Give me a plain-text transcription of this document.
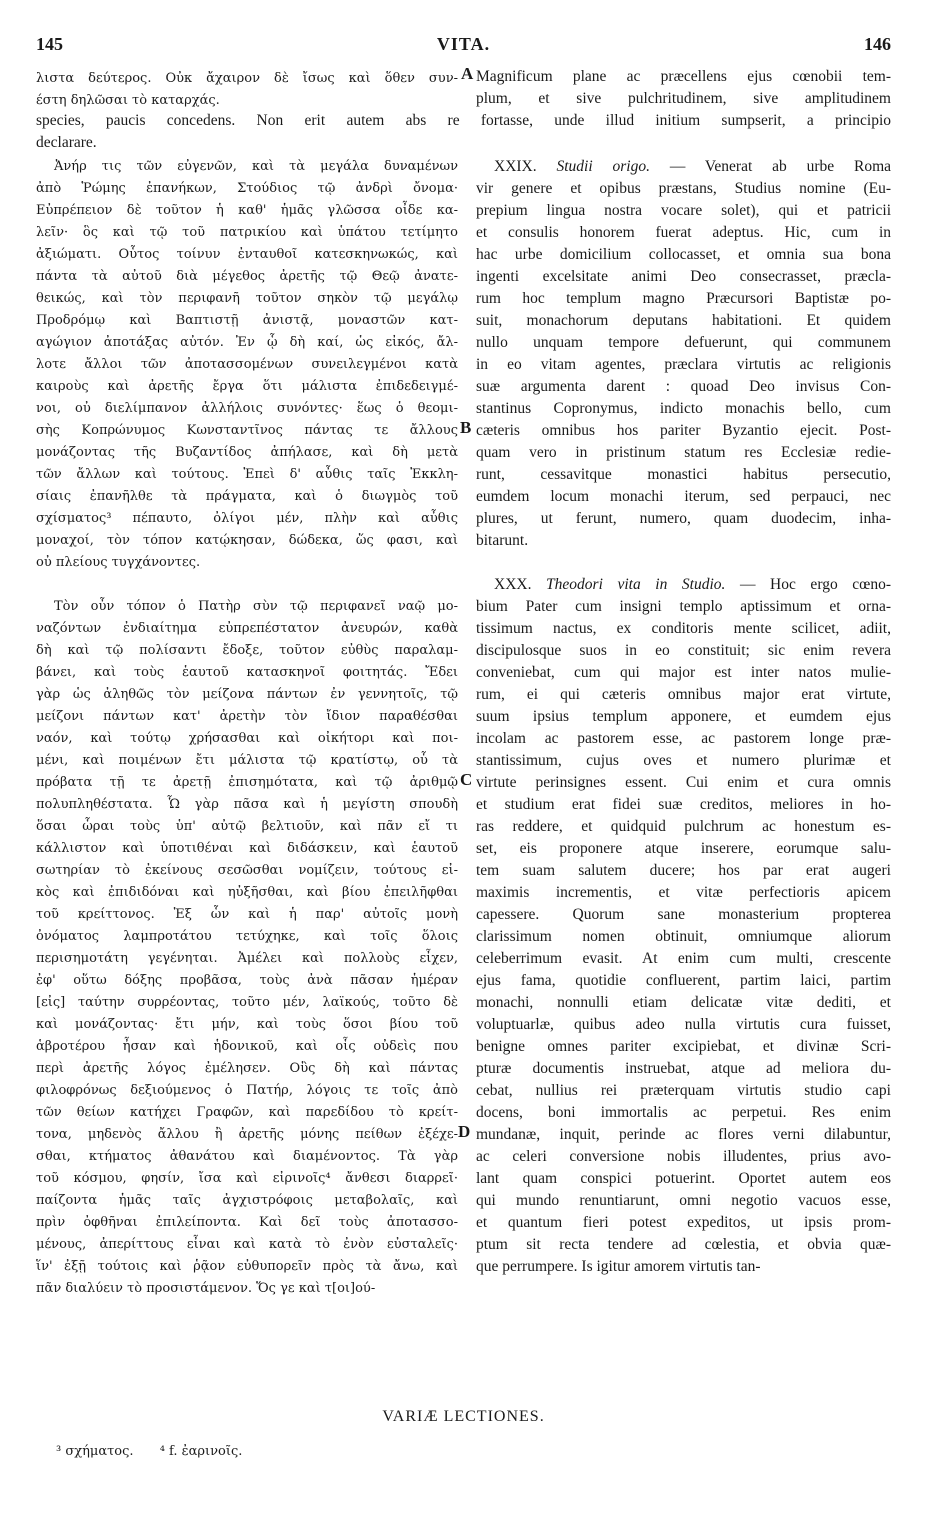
145	VITA.	146
λιστα δεύτερος. Οὐκ ἄχαιρον δὲ ἴσως καὶ ὅθεν συν-
έστη δηλῶσαι τὸ καταρχάς.
Magnificum plane ac præcellens ejus cœnobii tem-
plum, et sive pulchritudinem, sive amplitudinem
species, paucis concedens. Non erit autem abs re fortasse, unde illud initium sumpserit, a principio
declarare.
Ἀνήρ τις τῶν εὐγενῶν, καὶ τὰ μεγάλα δυναμένων
ἀπὸ Ῥώμης ἐπανήκων, Στούδιος τῷ ἀνδρὶ ὄνομα·
Εὐπρέπειον δὲ τοῦτον ἡ καθ' ἡμᾶς γλῶσσα οἶδε κα-
λεῖν· ὃς καὶ τῷ τοῦ πατρικίου καὶ ὑπάτου τετίμητο
ἀξιώματι. Οὗτος τοίνυν ἐνταυθοῖ κατεσκηνωκώς, καὶ
πάντα τὰ αὐτοῦ διὰ μέγεθος ἀρετῆς τῷ Θεῷ ἀνατε-
θεικώς, καὶ τὸν περιφανῆ τοῦτον σηκὸν τῷ μεγάλῳ
Προδρόμῳ καὶ Βαπτιστῇ ἀνιστᾷ, μοναστῶν κατ-
αγώγιον ἀποτάξας αὐτόν. Ἐν ᾧ δὴ καί, ὡς εἰκός, ἄλ-
λοτε ἄλλοι τῶν ἀποτασσομένων συνειλεγμένοι κατὰ
καιροὺς καὶ ἀρετῆς ἔργα ὅτι μάλιστα ἐπιδεδειγμέ-
νοι, οὐ διελίμπανον ἀλλήλοις συνόντες· ἕως ὁ θεομι-
σὴς Κοπρώνυμος Κωνσταντῖνος πάντας τε ἄλλους
μονάζοντας τῆς Βυζαντίδος ἀπήλασε, καὶ δὴ μετὰ
τῶν ἄλλων καὶ τούτους. Ἐπεὶ δ' αὖθις ταῖς Ἐκκλη-
σίαις ἐπανῆλθε τὰ πράγματα, καὶ ὁ διωγμὸς τοῦ
σχίσματος³ πέπαυτο, ὀλίγοι μέν, πλὴν καὶ αὖθις
μοναχοί, τὸν τόπον κατῴκησαν, δώδεκα, ὥς φασι, καὶ
οὐ πλείους τυγχάνοντες.
Τὸν οὖν τόπον ὁ Πατὴρ σὺν τῷ περιφανεῖ ναῷ μο-
ναζόντων ἐνδιαίτημα εὐπρεπέστατον ἀνευρών, καθὰ
δὴ καὶ τῷ πολίσαντι ἔδοξε, τοῦτον εὐθὺς παραλαμ-
βάνει, καὶ τοὺς ἑαυτοῦ κατασκηνοῖ φοιτητάς. Ἔδει
γὰρ ὡς ἀληθῶς τὸν μείζονα πάντων ἐν γεννητοῖς, τῷ
μείζονι πάντων κατ' ἀρετὴν τὸν ἴδιον παραθέσθαι
ναόν, καὶ τούτῳ χρήσασθαι καὶ οἰκήτορι καὶ ποι-
μένι, καὶ ποιμένων ἔτι μάλιστα τῷ κρατίστῳ, οὗ τὰ
πρόβατα τῇ τε ἀρετῇ ἐπισημότατα, καὶ τῷ ἀριθμῷ
πολυπληθέστατα. Ὧ γὰρ πᾶσα καὶ ἡ μεγίστη σπουδὴ
ὅσαι ὧραι τοὺς ὑπ' αὐτῷ βελτιοῦν, καὶ πᾶν εἴ τι
κάλλιστον καὶ ὑποτιθέναι καὶ διδάσκειν, καὶ ἑαυτοῦ
σωτηρίαν τὸ ἐκείνους σεσῶσθαι νομίζειν, τούτους εἰ-
κὸς καὶ ἐπιδιδόναι καὶ ηὐξῆσθαι, καὶ βίου ἐπειλῆφθαι
τοῦ κρείττονος. Ἐξ ὧν καὶ ἡ παρ' αὐτοῖς μονὴ
ὀνόματος λαμπροτάτου τετύχηκε, καὶ τοῖς ὅλοις
περισημοτάτη γεγένηται. Ἀμέλει καὶ πολλοὺς εἶχεν,
ἐφ' οὕτω δόξης προβᾶσα, τοὺς ἀνὰ πᾶσαν ἡμέραν
[εἰς] ταύτην συρρέοντας, τοῦτο μέν, λαϊκούς, τοῦτο δὲ
καὶ μονάζοντας· ἔτι μήν, καὶ τοὺς ὅσοι βίου τοῦ
ἁβροτέρου ἦσαν καὶ ἡδονικοῦ, καὶ οἷς οὐδεὶς που
περὶ ἀρετῆς λόγος ἐμέλησεν. Οὓς δὴ καὶ πάντας
φιλοφρόνως δεξιούμενος ὁ Πατήρ, λόγοις τε τοῖς ἀπὸ
τῶν θείων κατήχει Γραφῶν, καὶ παρεδίδου τὸ κρείτ-
τονα, μηδενὸς ἄλλου ἢ ἀρετῆς μόνης πείθων ἐξέχε-
σθαι, κτήματος ἀθανάτου καὶ διαμένοντος. Τὰ γὰρ
τοῦ κόσμου, φησίν, ἴσα καὶ εἰρινοῖς⁴ ἄνθεσι διαρρεῖ·
παίζοντα ἡμᾶς ταῖς ἀγχιστρόφοις μεταβολαῖς, καὶ
πρὶν ὀφθῆναι ἐπιλείποντα. Καὶ δεῖ τοὺς ἀποτασσο-
μένους, ἀπερίττους εἶναι καὶ κατὰ τὸ ἐνὸν εὐσταλεῖς·
ἵν' ἐξῇ τούτοις καὶ ῥᾷον εὐθυπορεῖν πρὸς τὰ ἄνω, καὶ
πᾶν διαλύειν τὸ προσιστάμενον. Ὅς γε καὶ τ[οι]ού-
XXIX. Studii origo. — Venerat ab urbe Roma
vir genere et opibus præstans, Studius nomine (Eu-
prepium lingua nostra vocare solet), qui et patricii
et consulis honorem fuerat adeptus. Hic, cum in
hac urbe domicilium collocasset, et omnia sua bona
ingenti excelsitate animi Deo consecrasset, præcla-
rum hoc templum magno Præcursori Baptistæ po-
suit, monachorum deputans habitationi. Et quidem
nullo unquam tempore defuerunt, qui communem
in eo vitam agentes, præclara virtutis ac religionis
suæ argumenta darent : quoad Deo invisus Con-
stantinus Copronymus, indicto monachis bello, cum
cæteris omnibus hos pariter Byzantio ejecit. Post-
quam vero in pristinum statum res Ecclesiæ redie-
runt, cessavitque monastici habitus persecutio,
eumdem locum monachi iterum, sed perpauci, nec
plures, ut ferunt, numero, quam duodecim, inha-
bitarunt.
XXX. Theodori vita in Studio. — Hoc ergo cœno-
bium Pater cum insigni templo aptissimum et orna-
tissimum nactus, ex conditoris mente scilicet, adiit,
discipulosque suos in eo constituit; sic enim revera
conveniebat, cum qui major est inter natos mulie-
rum, ei qui cæteris omnibus major erat virtute,
suum ipsius templum apponere, et eumdem ejus
incolam ac pastorem esse, ac pastorem longe præ-
stantissimum, cujus oves et numero plurimæ et
virtute perinsignes essent. Cui enim et cura omnis
et studium erat fidei suæ creditos, meliores in ho-
ras reddere, et quidquid pulchrum ac honestum es-
set, eis proponere atque inserere, eorumque salu-
tem suam salutem ducere; hos par erat augeri
maximis incrementis, et vitæ perfectioris apicem
capessere. Quorum sane monasterium propterea
clarissimum nomen obtinuit, omniumque aliorum
celeberrimum evasit. At enim cum multi, crescente
ejus fama, quotidie confluerent, partim laici, partim
monachi, nonnulli etiam delicatæ vitæ dediti, et
voluptuarlæ, quibus adeo nulla virtutis cura fuisset,
benigne omnes pariter excipiebat, et divinæ Scri-
pturæ documentis instruebat, atque ad meliora du-
cebat, nullius rei præterquam virtutis studio capi
docens, boni immortalis ac perpetui. Res enim
mundanæ, inquit, perinde ac flores verni dilabuntur,
ac celeri conversione nobis illudentes, prius avo-
lant quam conspici potuerint. Oportet autem eos
qui mundo renuntiarunt, omni negotio vacuos esse,
et quantum fieri potest expeditos, ut ipsis prom-
ptum sit recta tendere ad cœlestia, et obvia quæ-
que perrumpere. Is igitur amorem virtutis tan-
A
B
C
D
VARIÆ LECTIONES.
³ σχήματος. ⁴ f. ἐαρινοῖς.
